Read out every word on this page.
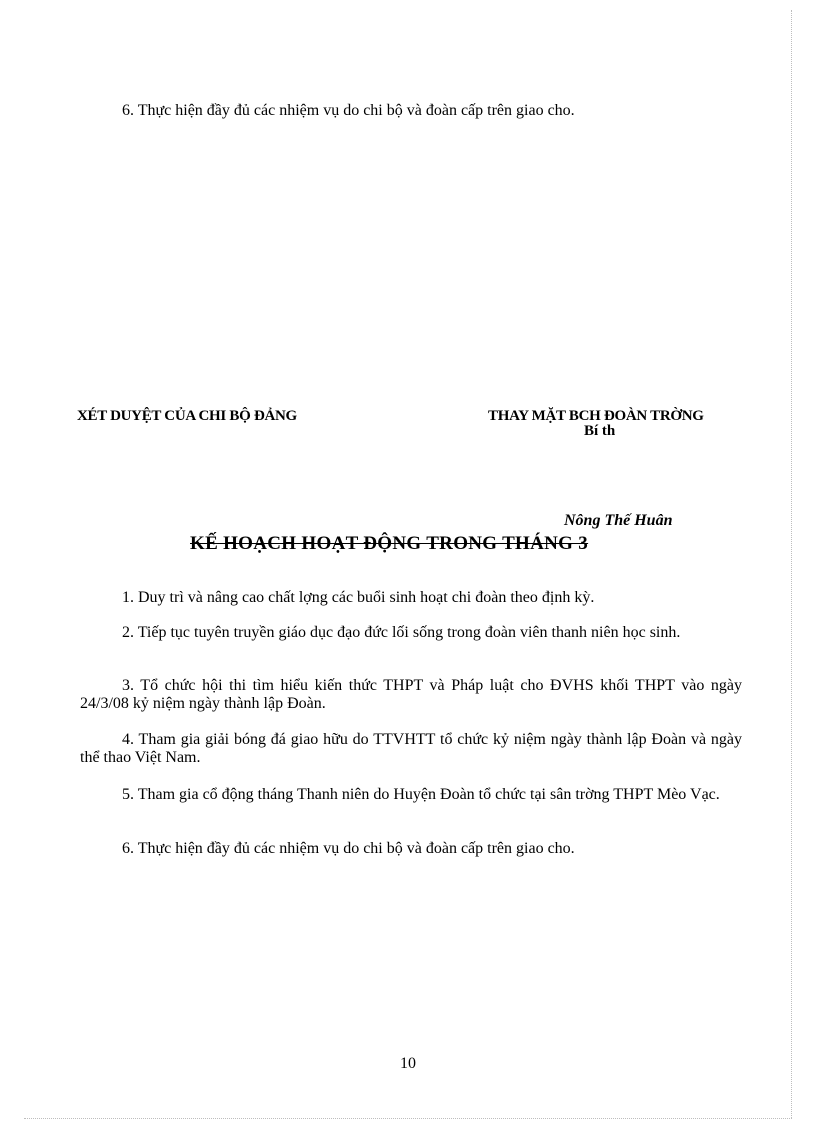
6. Thực hiện đầy đủ các nhiệm vụ do chi bộ và đoàn cấp trên giao cho.
XÉT DUYỆT CỦA CHI BỘ ĐẢNG	THAY MẶT BCH ĐOÀN TRỜNG
Bí th
Nông Thế Huân
KẾ HOẠCH HOẠT ĐỘNG TRONG THÁNG 3
1. Duy trì và nâng cao chất lợng các buổi sinh hoạt chi đoàn theo định kỳ.
2. Tiếp tục tuyên truyền giáo dục đạo đức lối sống trong đoàn viên thanh niên học sinh.
3. Tổ chức hội thi tìm hiểu kiến thức THPT và Pháp luật cho ĐVHS khối THPT vào ngày 24/3/08 kỷ niệm ngày thành lập Đoàn.
4. Tham gia giải bóng đá giao hữu do TTVHTT tổ chức kỷ niệm ngày thành lập Đoàn và ngày thể thao Việt Nam.
5. Tham gia cổ động tháng Thanh niên do Huyện Đoàn tổ chức tại sân trờng THPT Mèo Vạc.
6. Thực hiện đầy đủ các nhiệm vụ do chi bộ và đoàn cấp trên giao cho.
10
